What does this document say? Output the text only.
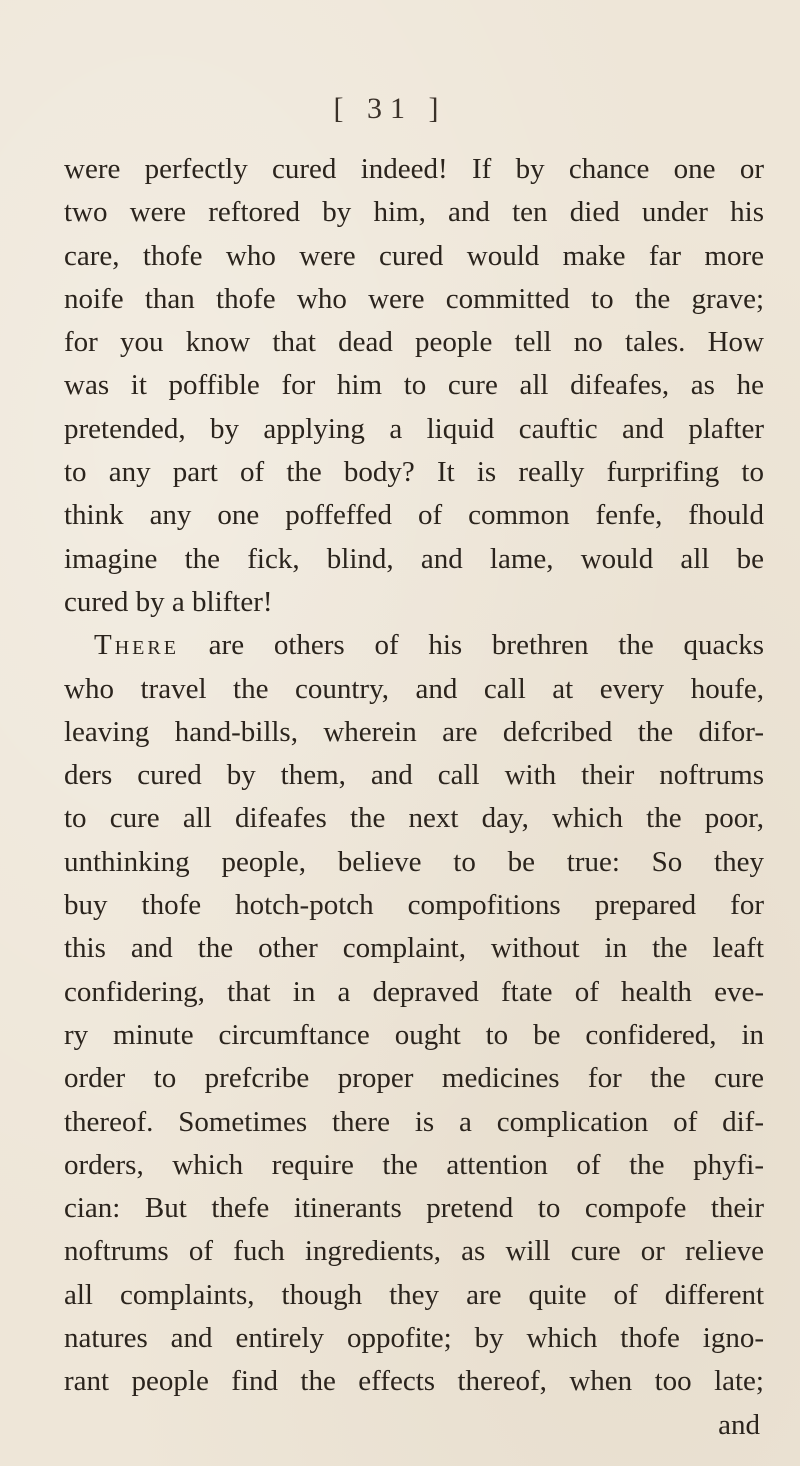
[ 31 ]
were perfectly cured indeed! If by chance one or
two were reftored by him, and ten died under his
care, thofe who were cured would make far more
noife than thofe who were committed to the grave;
for you know that dead people tell no tales. How
was it poffible for him to cure all difeafes, as he
pretended, by applying a liquid cauftic and plafter
to any part of the body? It is really furprifing to
think any one poffeffed of common fenfe, fhould
imagine the fick, blind, and lame, would all be
cured by a blifter!
There are others of his brethren the quacks
who travel the country, and call at every houfe,
leaving hand-bills, wherein are defcribed the difor-
ders cured by them, and call with their noftrums
to cure all difeafes the next day, which the poor,
unthinking people, believe to be true: So they
buy thofe hotch-potch compofitions prepared for
this and the other complaint, without in the leaft
confidering, that in a depraved ftate of health eve-
ry minute circumftance ought to be confidered, in
order to prefcribe proper medicines for the cure
thereof. Sometimes there is a complication of dif-
orders, which require the attention of the phyfi-
cian: But thefe itinerants pretend to compofe their
noftrums of fuch ingredients, as will cure or relieve
all complaints, though they are quite of different
natures and entirely oppofite; by which thofe igno-
rant people find the effects thereof, when too late;
and
